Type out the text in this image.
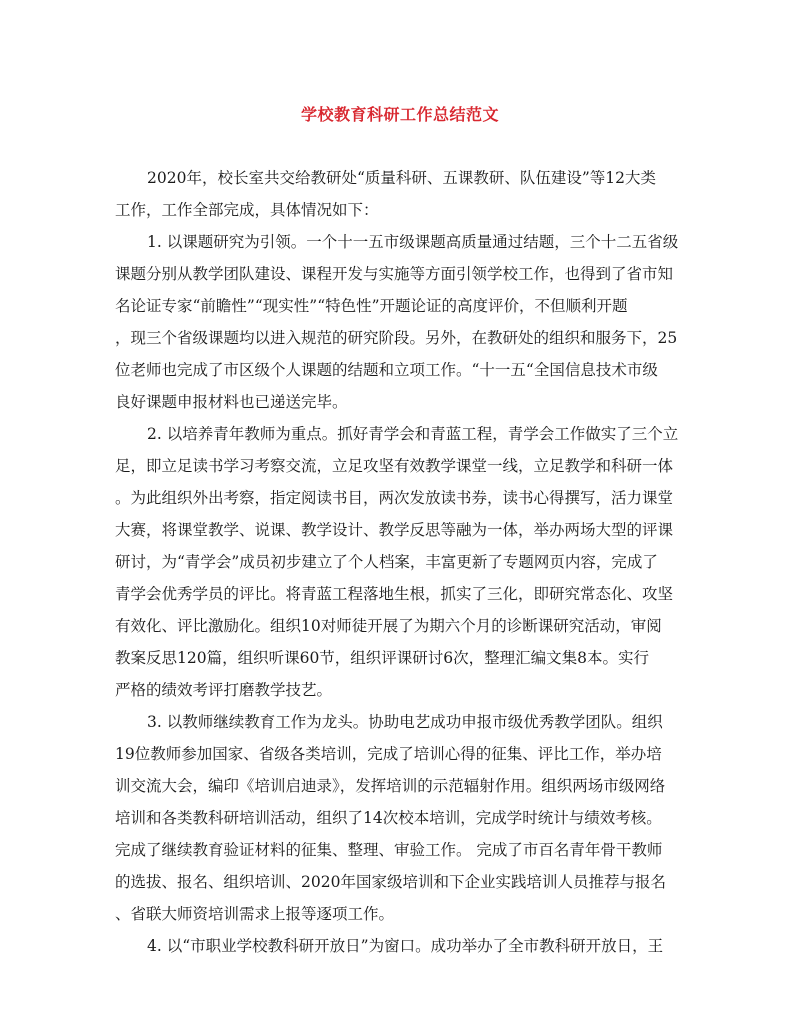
学校教育科研工作总结范文

2020年，校长室共交给教研处“质量科研、五课教研、队伍建设”等12大类

工作，工作全部完成，具体情况如下：

1. 以课题研究为引领。一个十一五市级课题高质量通过结题，三个十二五省级

课题分别从教学团队建设、课程开发与实施等方面引领学校工作，也得到了省市知

名论证专家“前瞻性”“现实性”“特色性”开题论证的高度评价，不但顺利开题

，现三个省级课题均以进入规范的研究阶段。另外，在教研处的组织和服务下，25

位老师也完成了市区级个人课题的结题和立项工作。“十一五“全国信息技术市级

良好课题申报材料也已递送完毕。

2. 以培养青年教师为重点。抓好青学会和青蓝工程，青学会工作做实了三个立

足，即立足读书学习考察交流，立足攻坚有效教学课堂一线，立足教学和科研一体

。为此组织外出考察，指定阅读书目，两次发放读书券，读书心得撰写，活力课堂

大赛，将课堂教学、说课、教学设计、教学反思等融为一体，举办两场大型的评课

研讨，为“青学会”成员初步建立了个人档案，丰富更新了专题网页内容，完成了

青学会优秀学员的评比。将青蓝工程落地生根，抓实了三化，即研究常态化、攻坚

有效化、评比激励化。组织10对师徒开展了为期六个月的诊断课研究活动，审阅

教案反思120篇，组织听课60节，组织评课研讨6次，整理汇编文集8本。实行

严格的绩效考评打磨教学技艺。

3. 以教师继续教育工作为龙头。协助电艺成功申报市级优秀教学团队。组织

19位教师参加国家、省级各类培训，完成了培训心得的征集、评比工作，举办培

训交流大会，编印《培训启迪录》，发挥培训的示范辐射作用。组织两场市级网络

培训和各类教科研培训活动，组织了14次校本培训，完成学时统计与绩效考核。

完成了继续教育验证材料的征集、整理、审验工作。 完成了市百名青年骨干教师

的选拔、报名、组织培训、2020年国家级培训和下企业实践培训人员推荐与报名

、省联大师资培训需求上报等逐项工作。

4. 以“市职业学校教科研开放日”为窗口。成功举办了全市教科研开放日，王
